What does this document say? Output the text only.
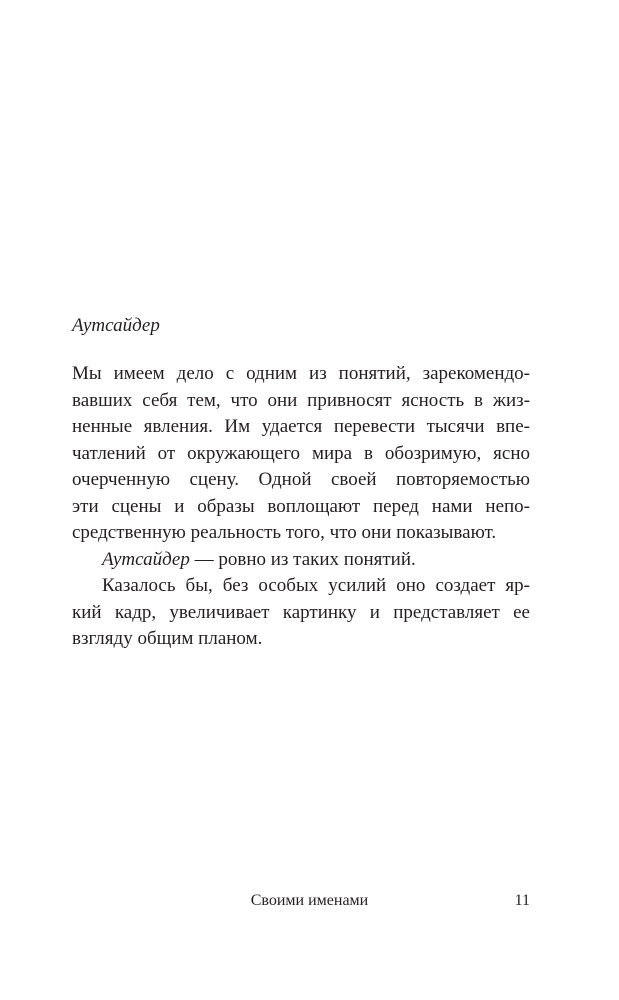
Аутсайдер
Мы имеем дело с одним из понятий, зарекомендо-
вавших себя тем, что они привносят ясность в жиз-
ненные явления. Им удается перевести тысячи впе-
чатлений от окружающего мира в обозримую, ясно
очерченную сцену. Одной своей повторяемостью
эти сцены и образы воплощают перед нами непо-
средственную реальность того, что они показывают.
Аутсайдер — ровно из таких понятий.
Казалось бы, без особых усилий оно создает яр-
кий кадр, увеличивает картинку и представляет ее
взгляду общим планом.
Своими именами	11
